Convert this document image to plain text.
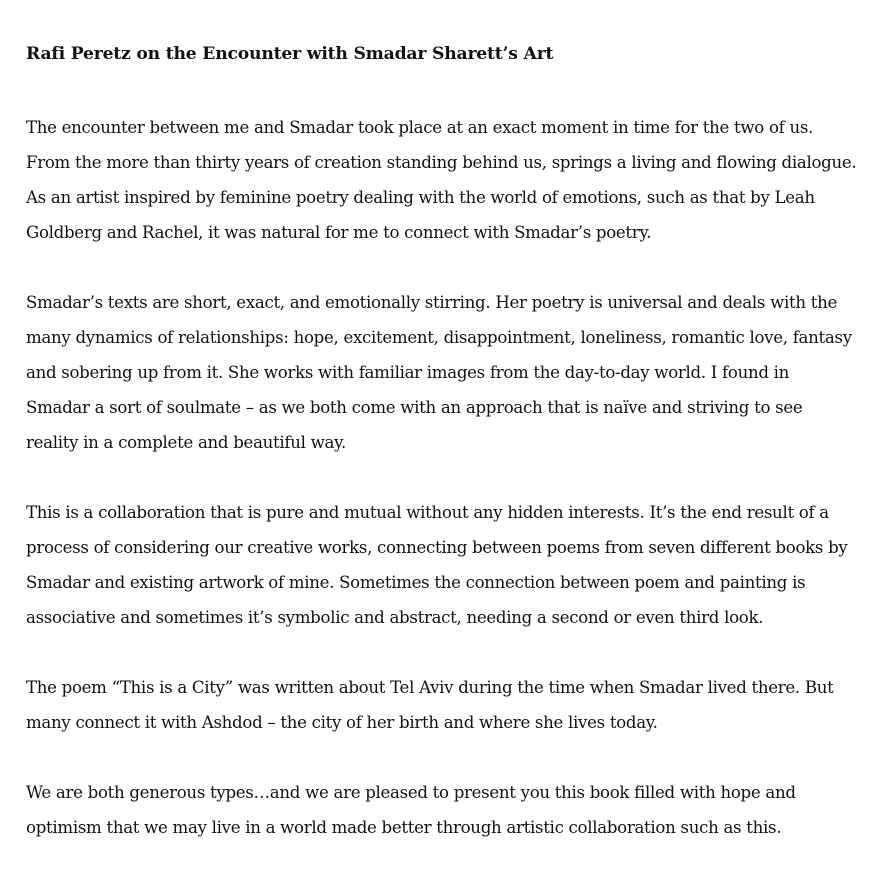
Rafi Peretz on the Encounter with Smadar Sharett’s Art

The encounter between me and Smadar took place at an exact moment in time for the two of us.
From the more than thirty years of creation standing behind us, springs a living and flowing dialogue.
As an artist inspired by feminine poetry dealing with the world of emotions, such as that by Leah
Goldberg and Rachel, it was natural for me to connect with Smadar’s poetry.

Smadar’s texts are short, exact, and emotionally stirring. Her poetry is universal and deals with the
many dynamics of relationships: hope, excitement, disappointment, loneliness, romantic love, fantasy
and sobering up from it. She works with familiar images from the day-to-day world. I found in
Smadar a sort of soulmate – as we both come with an approach that is naïve and striving to see
reality in a complete and beautiful way.

This is a collaboration that is pure and mutual without any hidden interests. It’s the end result of a
process of considering our creative works, connecting between poems from seven different books by
Smadar and existing artwork of mine. Sometimes the connection between poem and painting is
associative and sometimes it’s symbolic and abstract, needing a second or even third look.

The poem “This is a City” was written about Tel Aviv during the time when Smadar lived there. But
many connect it with Ashdod – the city of her birth and where she lives today.

We are both generous types…and we are pleased to present you this book filled with hope and
optimism that we may live in a world made better through artistic collaboration such as this.
